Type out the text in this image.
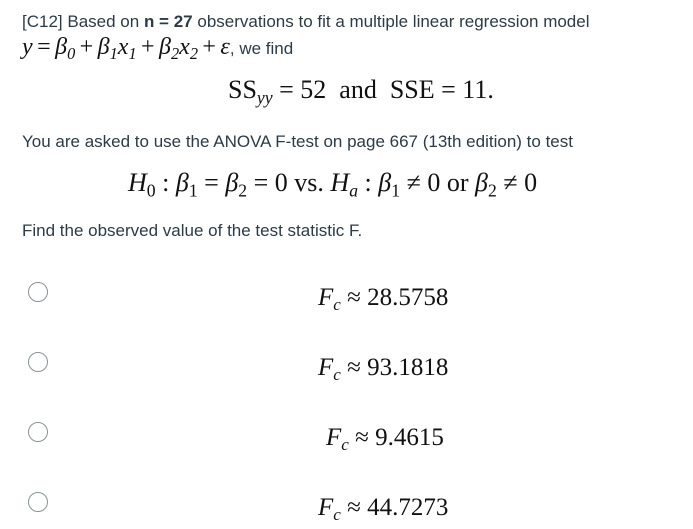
[C12] Based on n = 27 observations to fit a multiple linear regression model
$y = \beta_0 + \beta_1x_1 + \beta_2x_2 + \varepsilon$, we find
$SS_{yy} = 52$ and SSE = 11.
You are asked to use the ANOVA F-test on page 667 (13th edition) to test
$H_0$ : $\beta_1 = \beta_2 = 0$ vs. $H_a$ : $\beta_1 \ne 0$ or $\beta_2 \ne 0$
Find the observed value of the test statistic F.
$F_c \approx 28.5758$
$F_c \approx 93.1818$
$F_c \approx 9.4615$
$F_c \approx 44.7273$
